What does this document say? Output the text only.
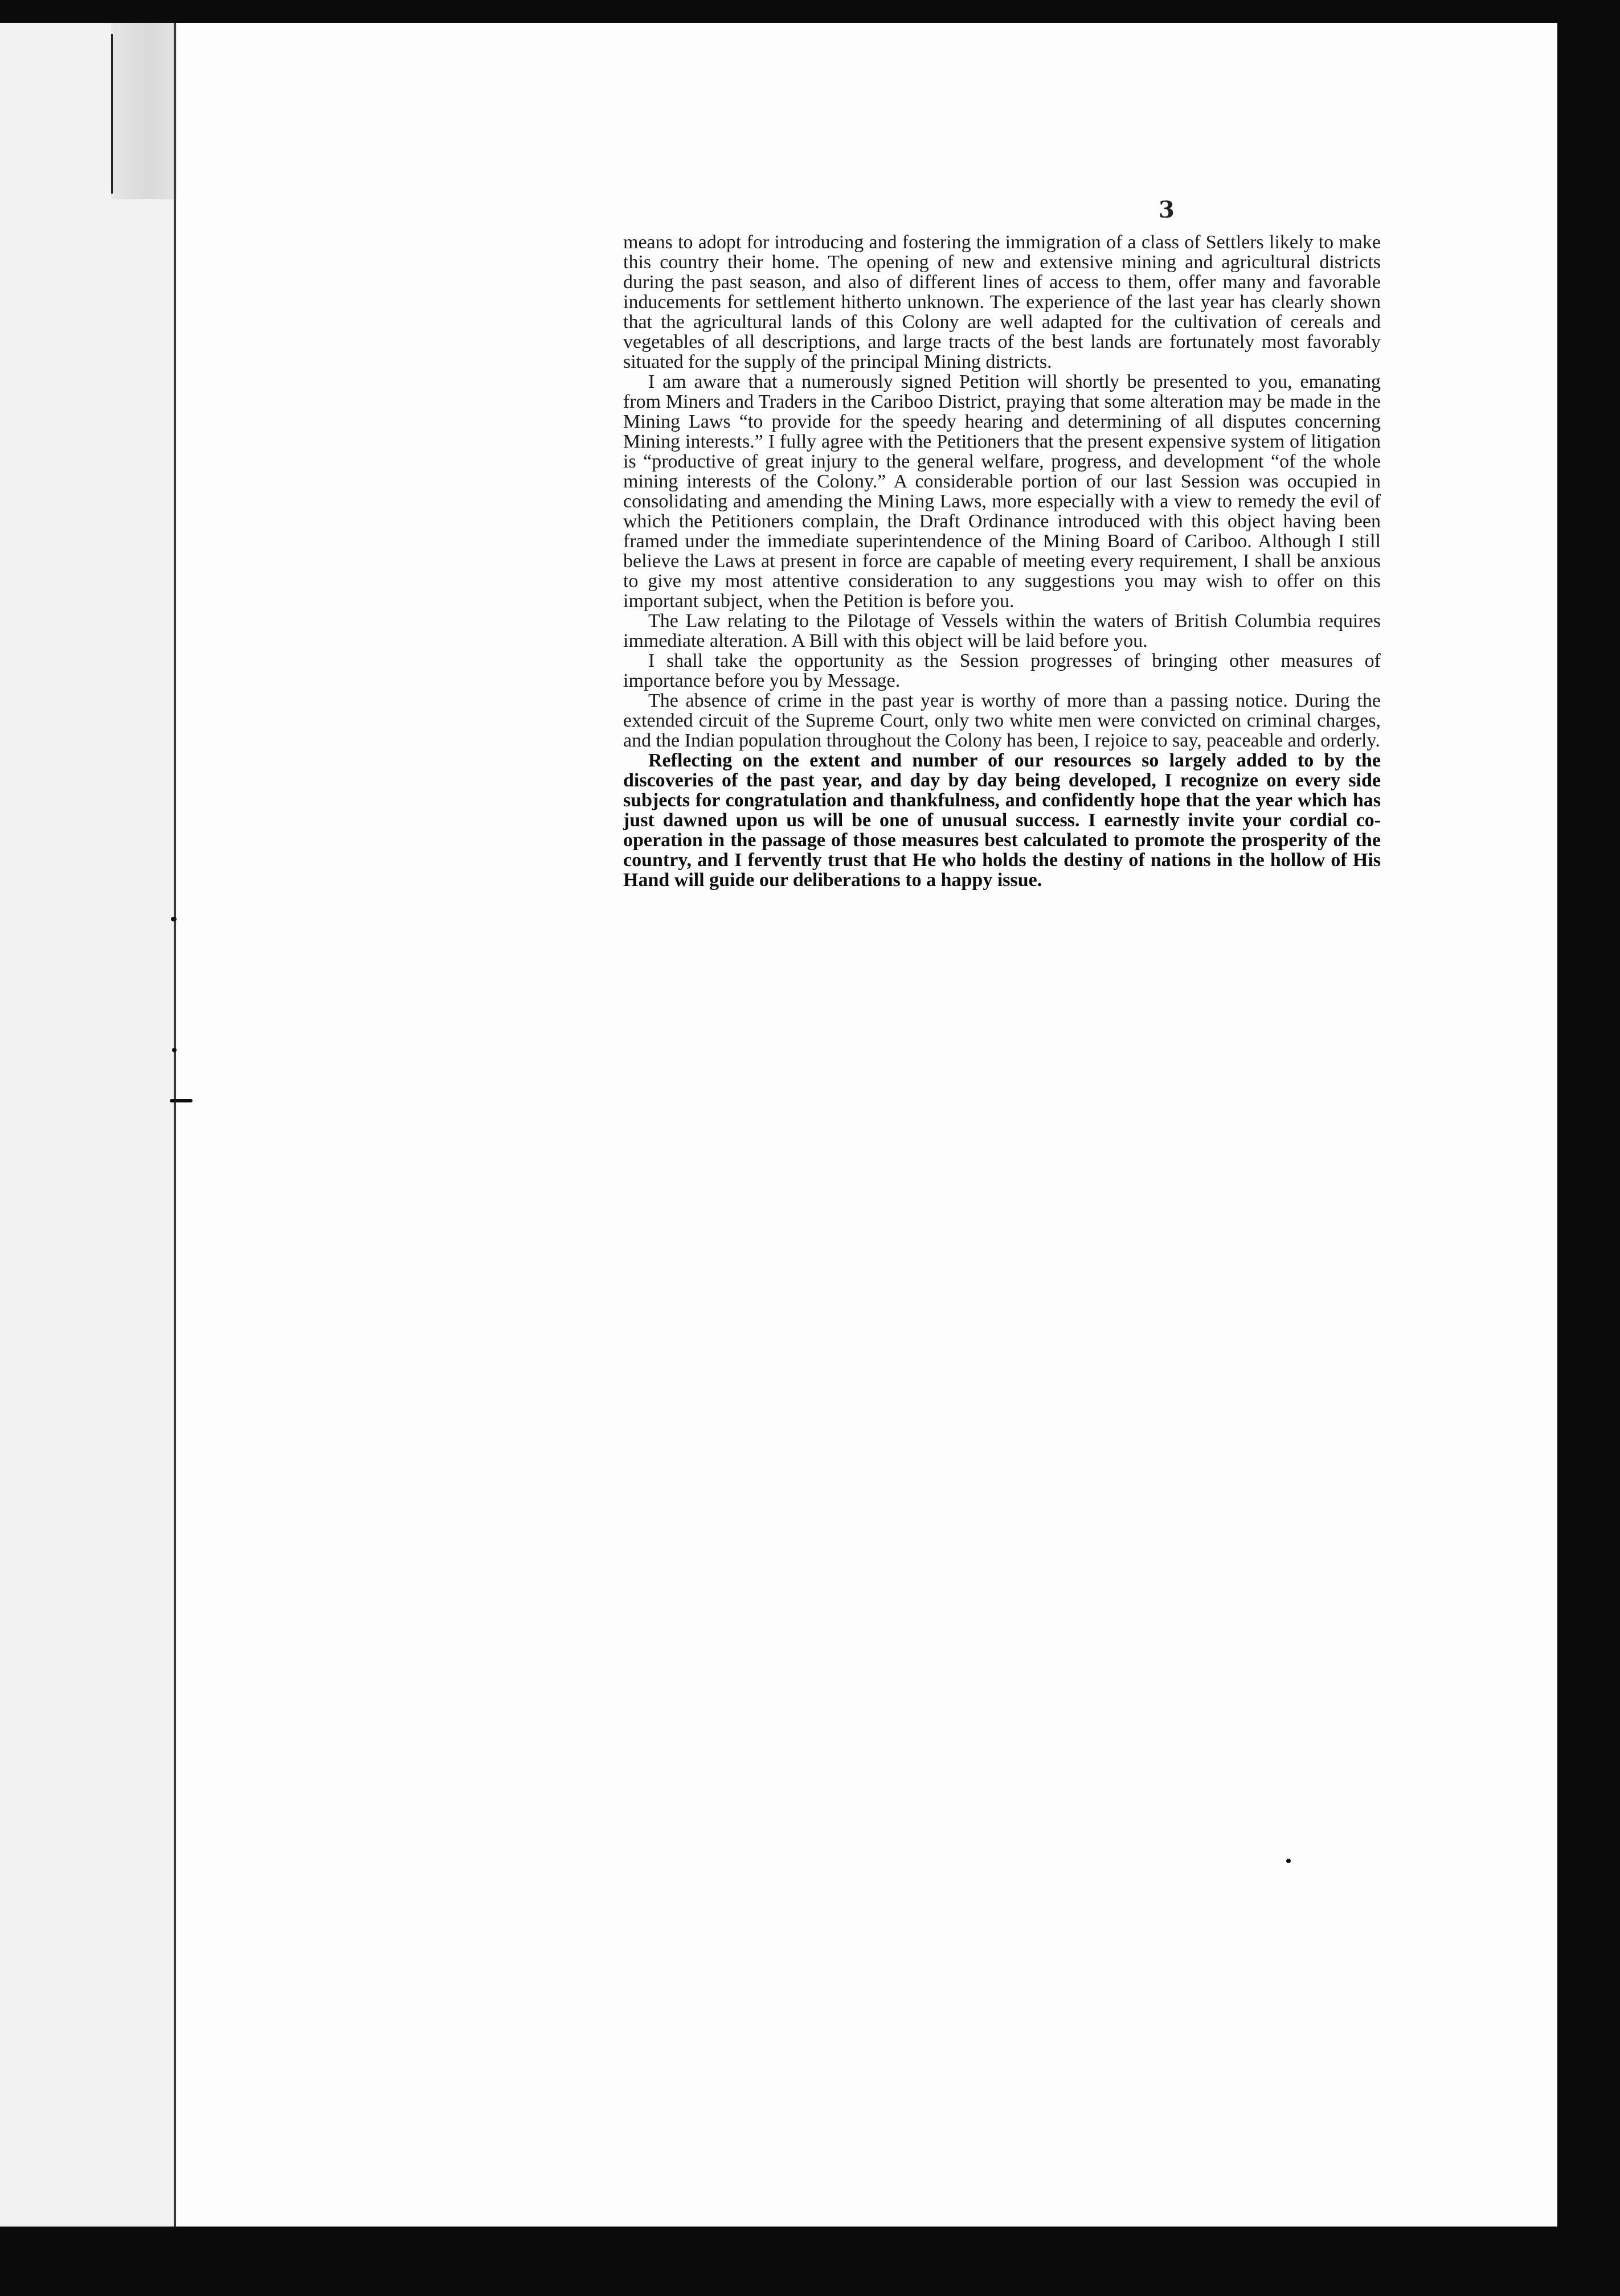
3

means to adopt for introducing and fostering the immigration of a class of Settlers likely to make this country their home. The opening of new and extensive mining and agricultural districts during the past season, and also of different lines of access to them, offer many and favorable inducements for settlement hitherto unknown. The experience of the last year has clearly shown that the agricultural lands of this Colony are well adapted for the cultivation of cereals and vegetables of all descriptions, and large tracts of the best lands are fortunately most favorably situated for the supply of the principal Mining districts.

I am aware that a numerously signed Petition will shortly be presented to you, emanating from Miners and Traders in the Cariboo District, praying that some alteration may be made in the Mining Laws “to provide for the speedy hearing and determining of all disputes concerning Mining interests.” I fully agree with the Petitioners that the present expensive system of litigation is “productive of great injury to the general welfare, progress, and development “of the whole mining interests of the Colony.” A considerable portion of our last Session was occupied in consolidating and amending the Mining Laws, more especially with a view to remedy the evil of which the Petitioners complain, the Draft Ordinance introduced with this object having been framed under the immediate superintendence of the Mining Board of Cariboo. Although I still believe the Laws at present in force are capable of meeting every requirement, I shall be anxious to give my most attentive consideration to any suggestions you may wish to offer on this important subject, when the Petition is before you.

The Law relating to the Pilotage of Vessels within the waters of British Columbia requires immediate alteration. A Bill with this object will be laid before you.

I shall take the opportunity as the Session progresses of bringing other measures of importance before you by Message.

The absence of crime in the past year is worthy of more than a passing notice. During the extended circuit of the Supreme Court, only two white men were convicted on criminal charges, and the Indian population throughout the Colony has been, I rejoice to say, peaceable and orderly.

Reflecting on the extent and number of our resources so largely added to by the discoveries of the past year, and day by day being developed, I recognize on every side subjects for congratulation and thankfulness, and confidently hope that the year which has just dawned upon us will be one of unusual success. I earnestly invite your cordial co-operation in the passage of those measures best calculated to promote the prosperity of the country, and I fervently trust that He who holds the destiny of nations in the hollow of His Hand will guide our deliberations to a happy issue.
